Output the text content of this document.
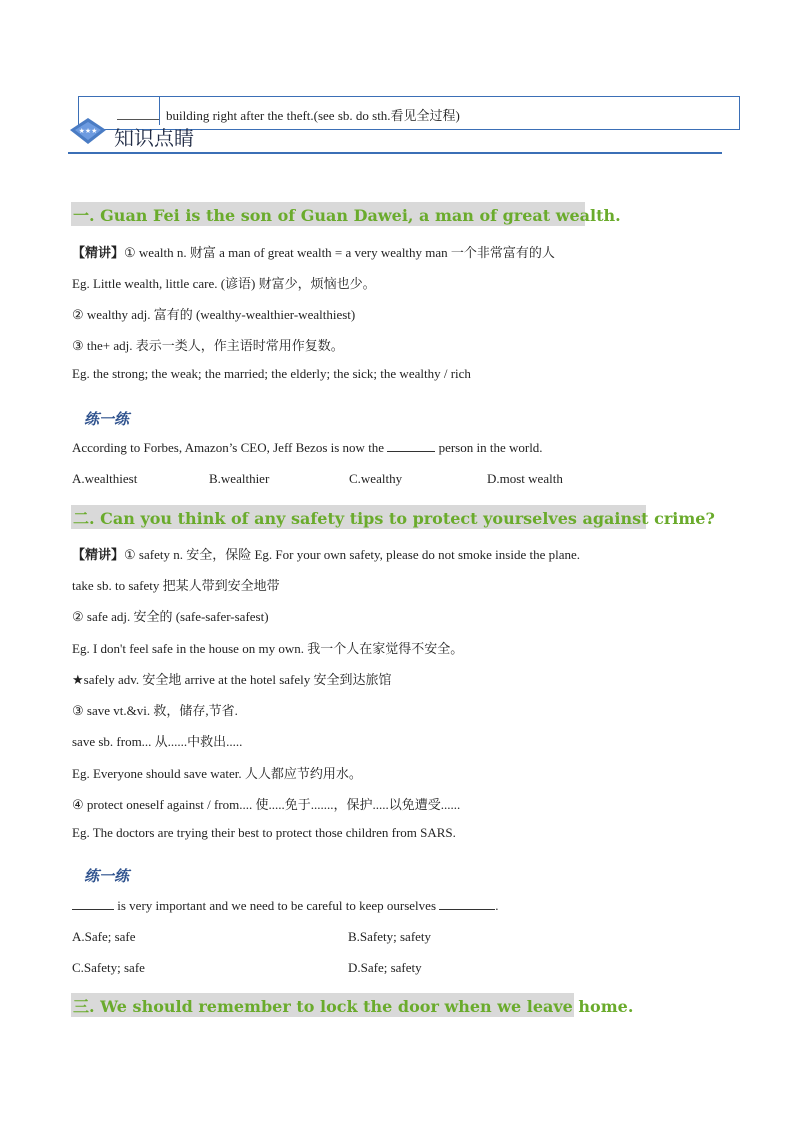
building right after the theft.(see sb. do sth.看见全过程)
★★★ 知识点睛
一. Guan Fei is the son of Guan Dawei, a man of great wealth.
【精讲】① wealth n. 财富 a man of great wealth = a very wealthy man 一个非常富有的人
Eg. Little wealth, little care. (谚语) 财富少，烦恼也少。
② wealthy adj. 富有的 (wealthy-wealthier-wealthiest)
③ the+ adj. 表示一类人，作主语时常用作复数。
Eg. the strong; the weak; the married; the elderly; the sick; the wealthy / rich
练一练
According to Forbes, Amazon’s CEO, Jeff Bezos is now the	person in the world.
A.wealthiest	B.wealthier	C.wealthy	D.most wealth
二. Can you think of any safety tips to protect yourselves against crime?
【精讲】① safety n. 安全，保险 Eg. For your own safety, please do not smoke inside the plane.
take sb. to safety 把某人带到安全地带
② safe adj. 安全的 (safe-safer-safest)
Eg. I don't feel safe in the house on my own. 我一个人在家觉得不安全。
★safely adv. 安全地 arrive at the hotel safely 安全到达旅馆
③ save vt.&vi. 救，储存,节省.
save sb. from... 从......中救出.....
Eg. Everyone should save water. 人人都应节约用水。
④ protect oneself against / from.... 使.....免于.......，保护.....以免遭受......
Eg. The doctors are trying their best to protect those children from SARS.
练一练
is very important and we need to be careful to keep ourselves	.
A.Safe; safe	B.Safety; safety
C.Safety; safe	D.Safe; safety
三. We should remember to lock the door when we leave home.
